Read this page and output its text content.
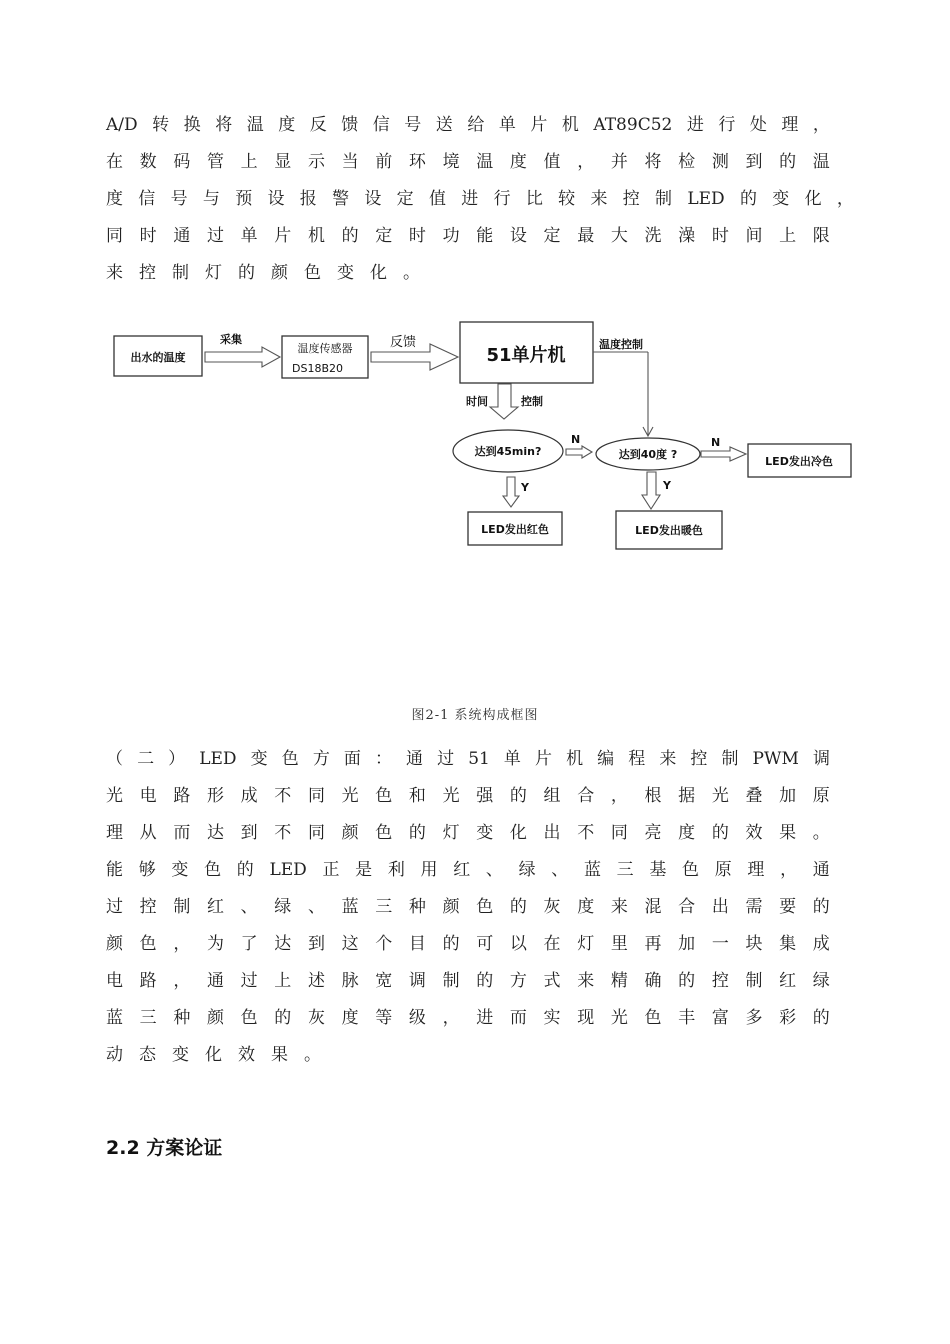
A/D 转 换 将 温 度 反 馈 信 号 送 给 单 片 机 AT89C52 进 行 处 理 ，
在 数 码 管 上 显 示 当 前 环 境 温 度 值 ， 并 将 检 测 到 的 温
度 信 号 与 预 设 报 警 设 定 值 进 行 比 较 来 控 制 LED 的 变 化 ，
同 时 通 过 单 片 机 的 定 时 功 能 设 定 最 大 洗 澡 时 间 上 限
来控制灯的颜色变化。
出水的温度
采集
温度传感器
DS18B20
反馈
51单片机
温度控制
时间	控制
达到45min?
N
达到40度 ?
N
LED发出冷色
Y
LED发出红色
Y
LED发出暖色
图2-1 系统构成框图
（ 二 ） LED 变 色 方 面 ： 通 过 51 单 片 机 编 程 来 控 制 PWM 调
光 电 路 形 成 不 同 光 色 和 光 强 的 组 合 ， 根 据 光 叠 加 原
理 从 而 达 到 不 同 颜 色 的 灯 变 化 出 不 同 亮 度 的 效 果 。
能 够 变 色 的 LED 正 是 利 用 红 、 绿 、 蓝 三 基 色 原 理 ， 通
过 控 制 红 、 绿 、 蓝 三 种 颜 色 的 灰 度 来 混 合 出 需 要 的
颜 色 ， 为 了 达 到 这 个 目 的 可 以 在 灯 里 再 加 一 块 集 成
电 路 ， 通 过 上 述 脉 宽 调 制 的 方 式 来 精 确 的 控 制 红 绿
蓝 三 种 颜 色 的 灰 度 等 级 ， 进 而 实 现 光 色 丰 富 多 彩 的
动态变化效果。
2.2 方案论证
